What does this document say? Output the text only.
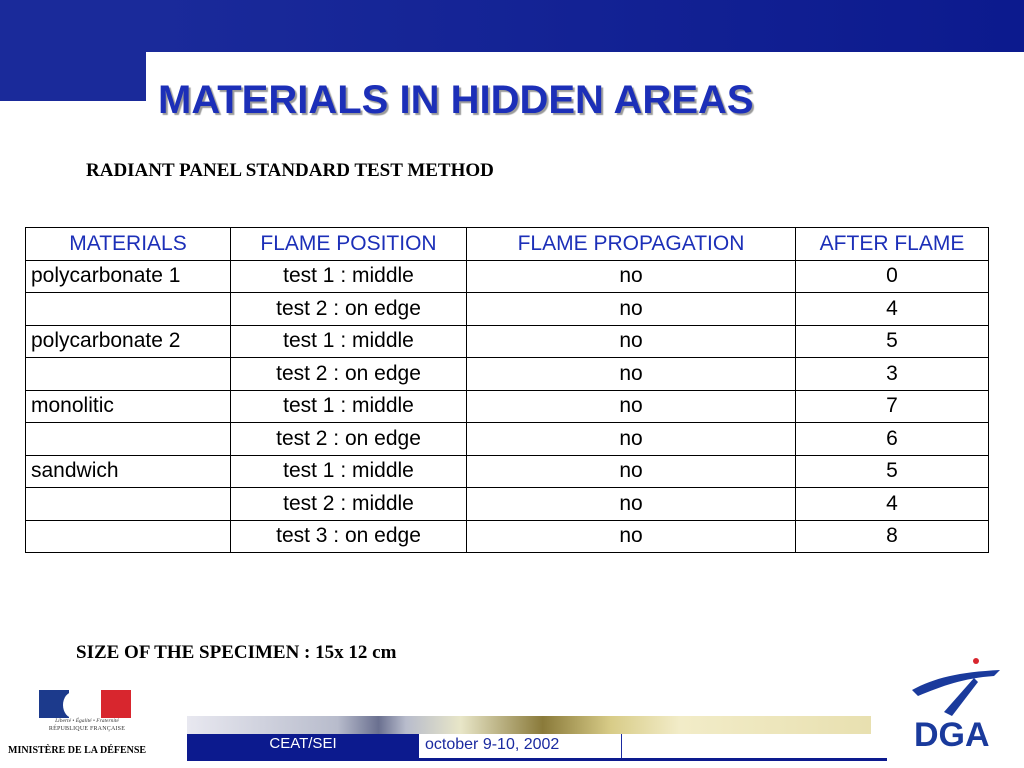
MATERIALS IN HIDDEN AREAS
RADIANT PANEL STANDARD TEST METHOD
MATERIALS	FLAME POSITION	FLAME PROPAGATION	AFTER FLAME
polycarbonate 1	test 1 : middle	no	0
	test 2 : on edge	no	4
polycarbonate 2	test 1 : middle	no	5
	test 2 : on edge	no	3
monolitic	test 1 : middle	no	7
	test 2 : on edge	no	6
sandwich	test 1 : middle	no	5
	test 2 : middle	no	4
	test 3 : on edge	no	8
SIZE OF THE SPECIMEN : 15x 12 cm
Liberté • Égalité • Fraternité
RÉPUBLIQUE FRANÇAISE
MINISTÈRE DE LA DÉFENSE	CEAT/SEI	october 9-10, 2002	DGA
